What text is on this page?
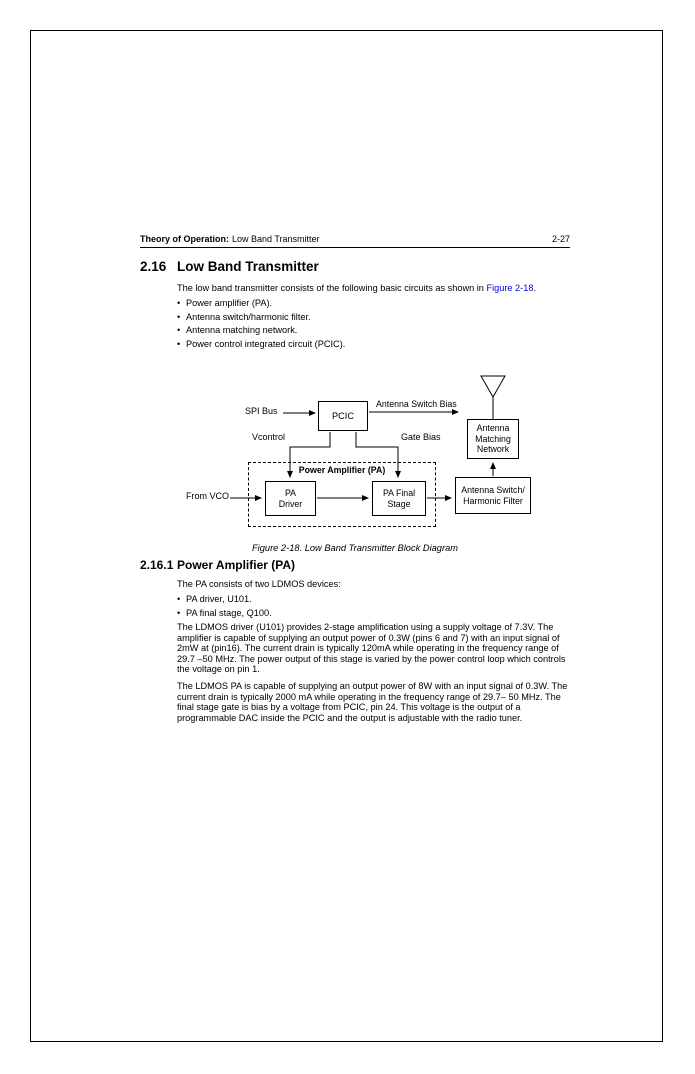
Theory of Operation: Low Band Transmitter	2-27
2.16 Low Band Transmitter
The low band transmitter consists of the following basic circuits as shown in Figure 2-18.
•
Power amplifier (PA).
•
Antenna switch/harmonic filter.
•
Antenna matching network.
•
Power control integrated circuit (PCIC).
Power Amplifier (PA)
SPI Bus
Antenna Switch Bias
Vcontrol	Gate Bias
From VCO
PCIC
Antenna
Matching
Network
Antenna Switch/
Harmonic Filter
PA
Driver
PA Final
Stage
Figure 2-18. Low Band Transmitter Block Diagram
2.16.1 Power Amplifier (PA)
The PA consists of two LDMOS devices:
•
PA driver, U101.
•
PA final stage, Q100.
The LDMOS driver (U101) provides 2-stage amplification using a supply voltage of 7.3V. The amplifier is capable of supplying an output power of 0.3W (pins 6 and 7) with an input signal of 2mW at (pin16). The current drain is typically 120mA while operating in the frequency range of 29.7 –50 MHz. The power output of this stage is varied by the power control loop which controls the voltage on pin 1.
The LDMOS PA is capable of supplying an output power of 8W with an input signal of 0.3W. The current drain is typically 2000 mA while operating in the frequency range of 29.7– 50 MHz. The final stage gate is bias by a voltage from PCIC, pin 24. This voltage is the output of a programmable DAC inside the PCIC and the output is adjustable with the radio tuner.
